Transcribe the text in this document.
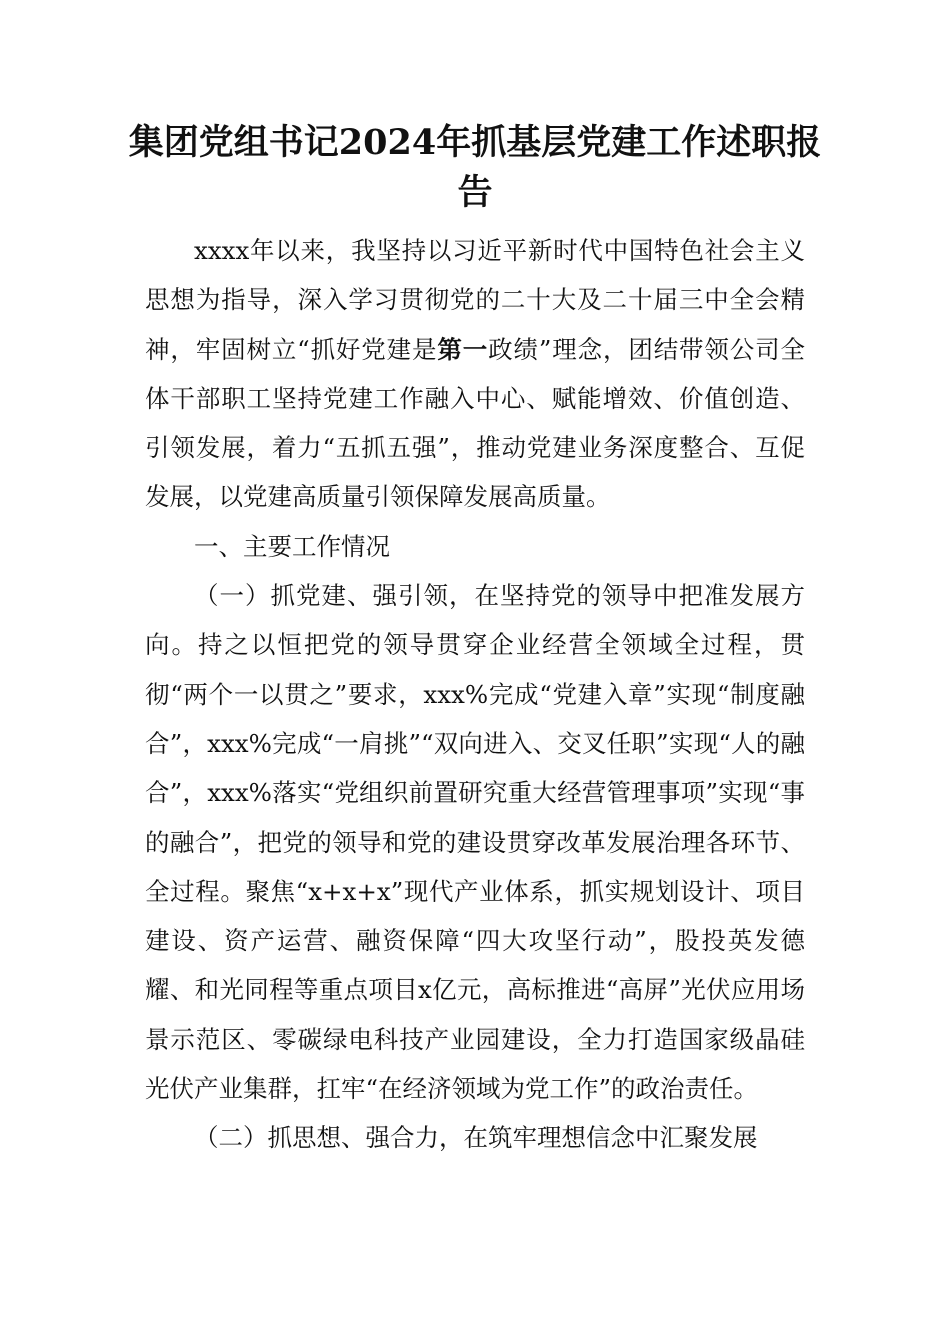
集团党组书记2024年抓基层党建工作述职报告

xxxx年以来，我坚持以习近平新时代中国特色社会主义思想为指导，深入学习贯彻党的二十大及二十届三中全会精神，牢固树立“抓好党建是第一政绩”理念，团结带领公司全体干部职工坚持党建工作融入中心、赋能增效、价值创造、引领发展，着力“五抓五强”，推动党建业务深度整合、互促发展，以党建高质量引领保障发展高质量。

一、主要工作情况

（一）抓党建、强引领，在坚持党的领导中把准发展方向。持之以恒把党的领导贯穿企业经营全领域全过程，贯彻“两个一以贯之”要求，xxx%完成“党建入章”实现“制度融合”，xxx%完成“一肩挑”“双向进入、交叉任职”实现“人的融合”，xxx%落实“党组织前置研究重大经营管理事项”实现“事的融合”，把党的领导和党的建设贯穿改革发展治理各环节、全过程。聚焦“x+x+x”现代产业体系，抓实规划设计、项目建设、资产运营、融资保障“四大攻坚行动”，股投英发德耀、和光同程等重点项目x亿元，高标推进“高屏”光伏应用场景示范区、零碳绿电科技产业园建设，全力打造国家级晶硅光伏产业集群，扛牢“在经济领域为党工作”的政治责任。

（二）抓思想、强合力，在筑牢理想信念中汇聚发展
